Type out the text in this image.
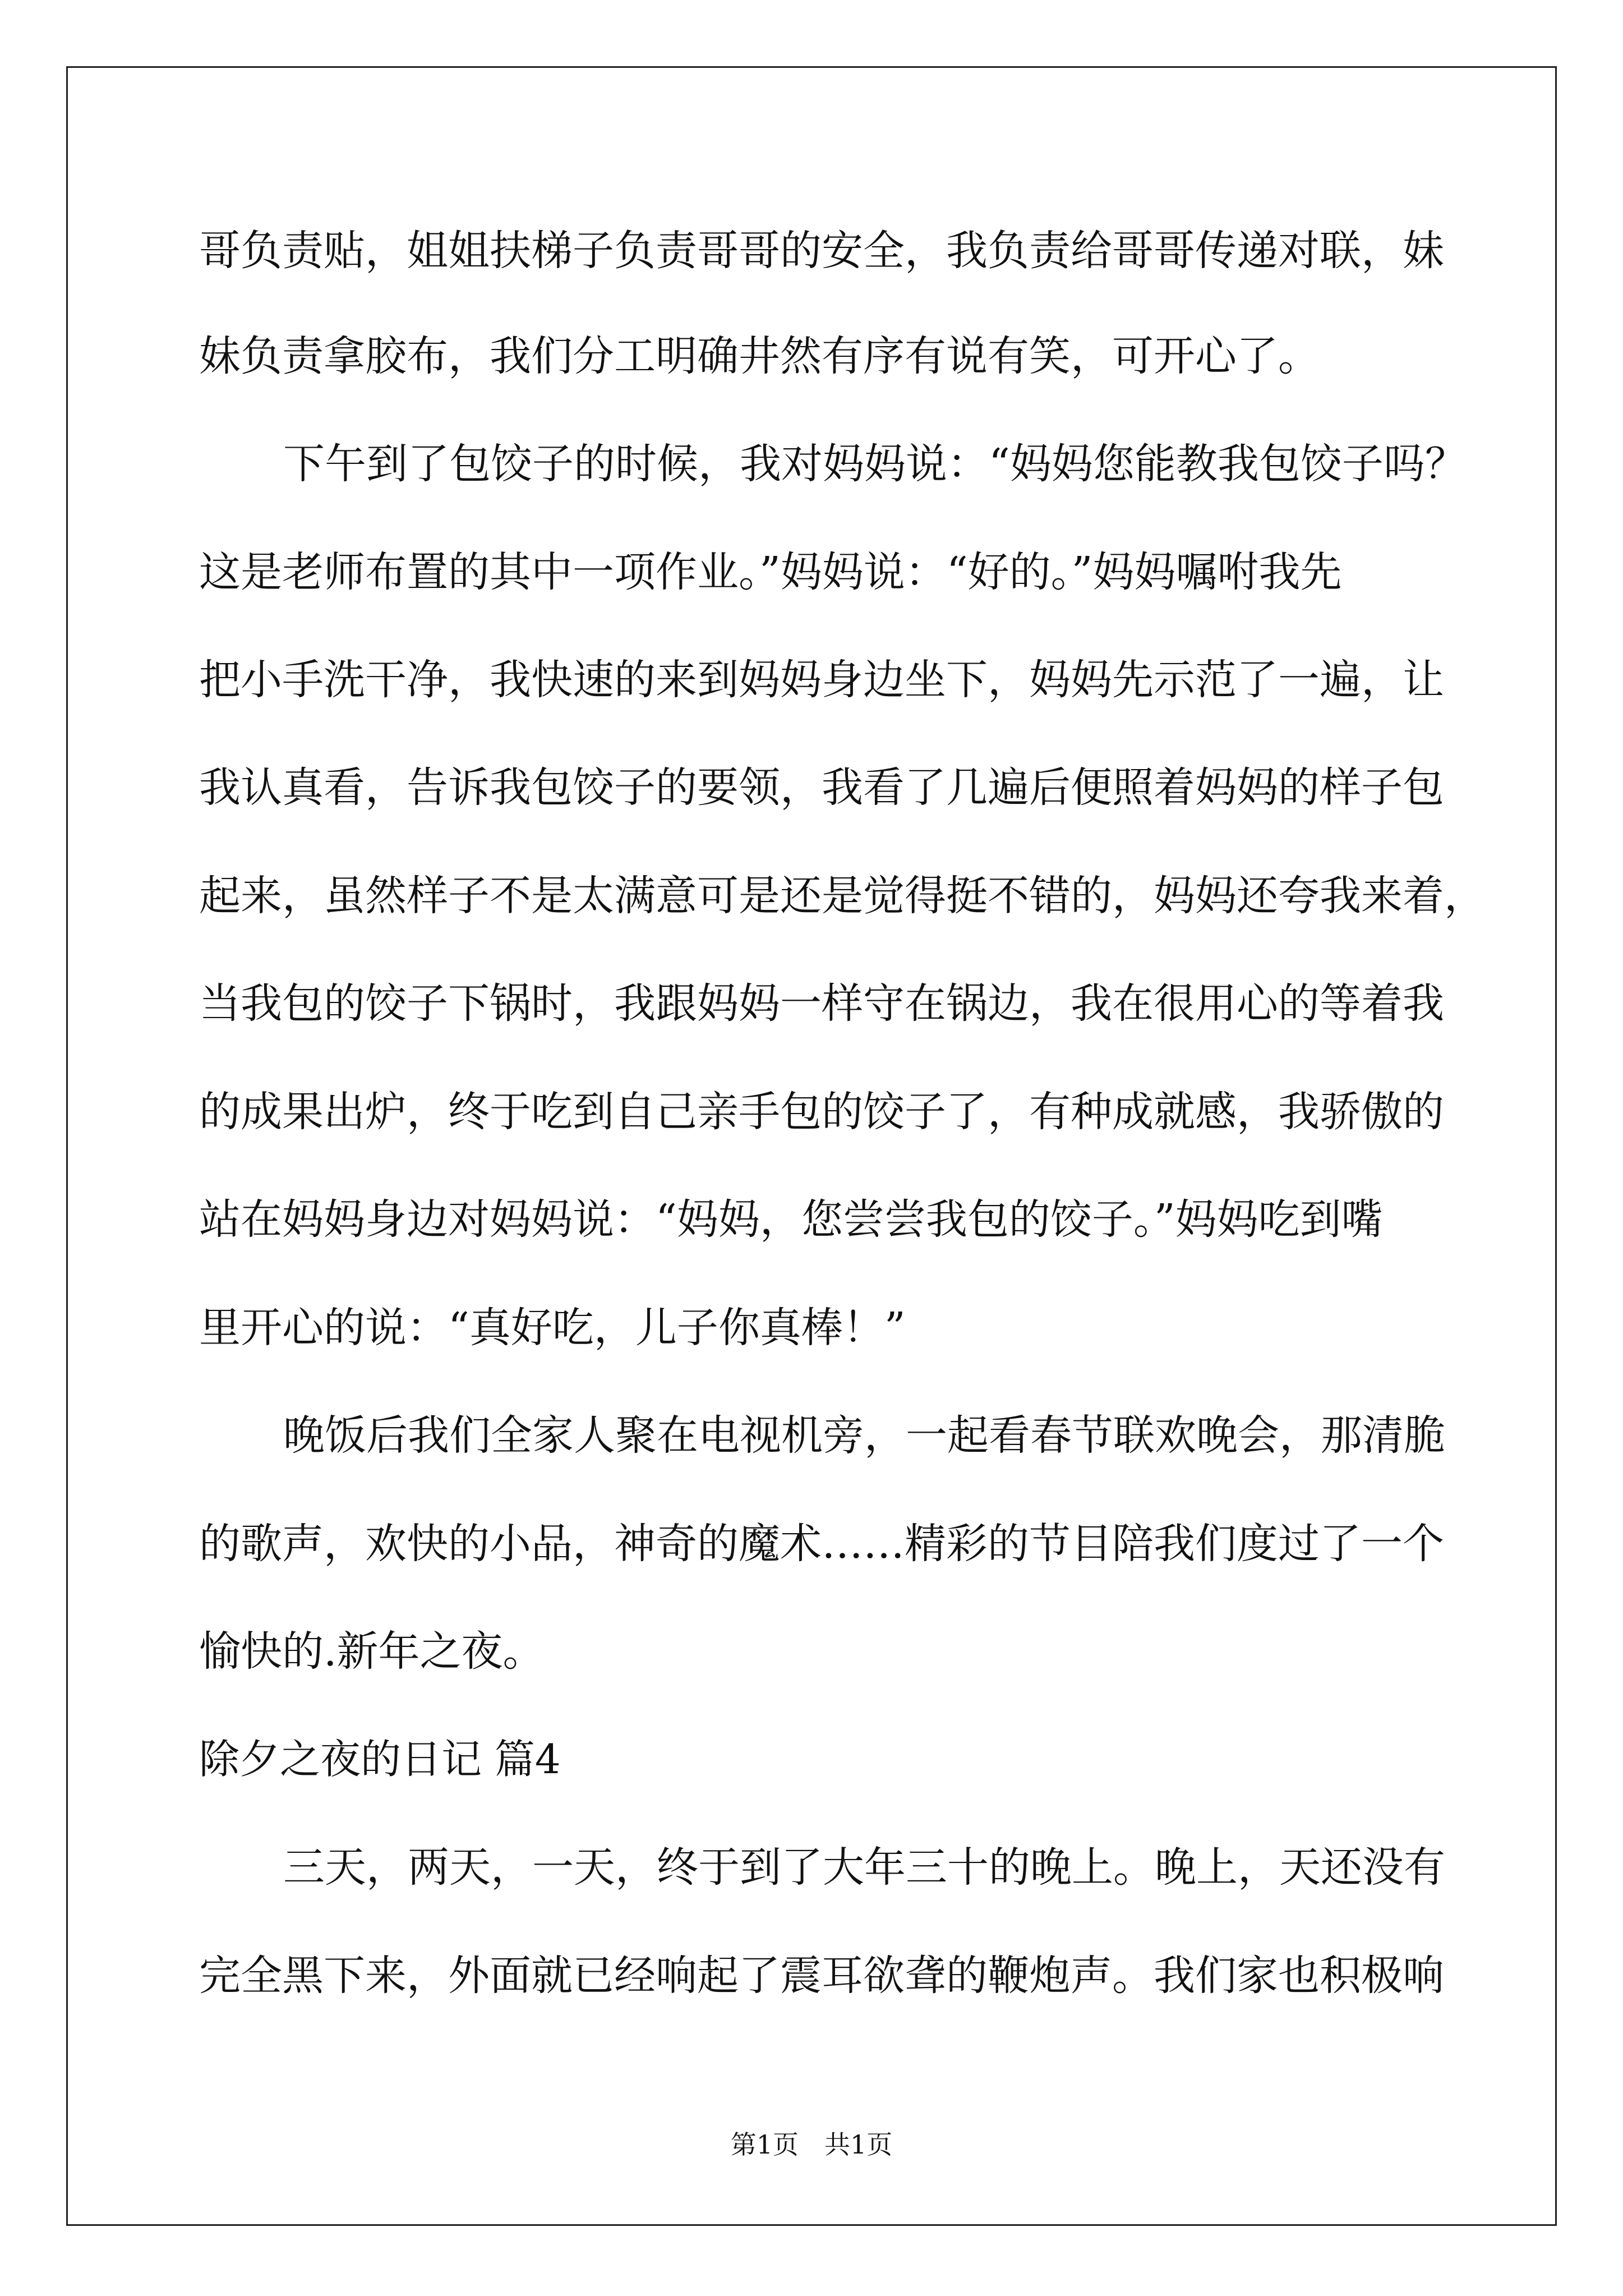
哥负责贴，姐姐扶梯子负责哥哥的安全，我负责给哥哥传递对联，妹
妹负责拿胶布，我们分工明确井然有序有说有笑，可开心了。
下午到了包饺子的时候，我对妈妈说：“妈妈您能教我包饺子吗？
这是老师布置的其中一项作业。”妈妈说：“好的。”妈妈嘱咐我先
把小手洗干净，我快速的来到妈妈身边坐下，妈妈先示范了一遍，让
我认真看，告诉我包饺子的要领，我看了几遍后便照着妈妈的样子包
起来，虽然样子不是太满意可是还是觉得挺不错的，妈妈还夸我来着，
当我包的饺子下锅时，我跟妈妈一样守在锅边，我在很用心的等着我
的成果出炉，终于吃到自己亲手包的饺子了，有种成就感，我骄傲的
站在妈妈身边对妈妈说：“妈妈，您尝尝我包的饺子。”妈妈吃到嘴
里开心的说：“真好吃，儿子你真棒！”
晚饭后我们全家人聚在电视机旁，一起看春节联欢晚会，那清脆
的歌声，欢快的小品，神奇的魔术……精彩的节目陪我们度过了一个
愉快的.新年之夜。
除夕之夜的日记 篇4
三天，两天，一天，终于到了大年三十的晚上。晚上，天还没有
完全黑下来，外面就已经响起了震耳欲聋的鞭炮声。我们家也积极响
第1页　共1页
